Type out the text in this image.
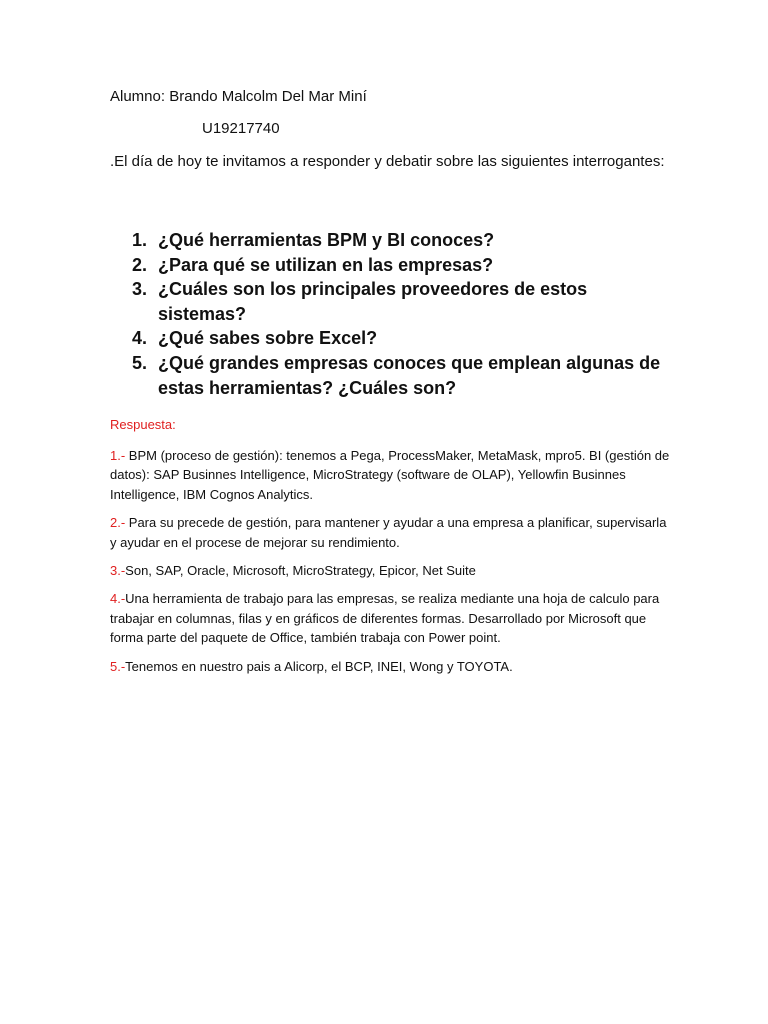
Alumno: Brando Malcolm Del Mar Miní
U19217740
.El día de hoy te invitamos a responder y debatir sobre las siguientes interrogantes:
1. ¿Qué herramientas BPM y BI conoces?
2. ¿Para qué se utilizan en las empresas?
3. ¿Cuáles son los principales proveedores de estos sistemas?
4. ¿Qué sabes sobre Excel?
5. ¿Qué grandes empresas conoces que emplean algunas de estas herramientas? ¿Cuáles son?
Respuesta:

1.- BPM (proceso de gestión): tenemos a Pega, ProcessMaker, MetaMask, mpro5. BI (gestión de datos): SAP Businnes Intelligence, MicroStrategy (software de OLAP), Yellowfin Businnes Intelligence, IBM Cognos Analytics.

2.- Para su precede de gestión, para mantener y ayudar a una empresa a planificar, supervisarla y ayudar en el procese de mejorar su rendimiento.

3.-Son, SAP, Oracle, Microsoft, MicroStrategy, Epicor, Net Suite

4.-Una herramienta de trabajo para las empresas, se realiza mediante una hoja de calculo para trabajar en columnas, filas y en gráficos de diferentes formas. Desarrollado por Microsoft que forma parte del paquete de Office, también trabaja con Power point.

5.-Tenemos en nuestro pais a Alicorp, el BCP, INEI, Wong y TOYOTA.
